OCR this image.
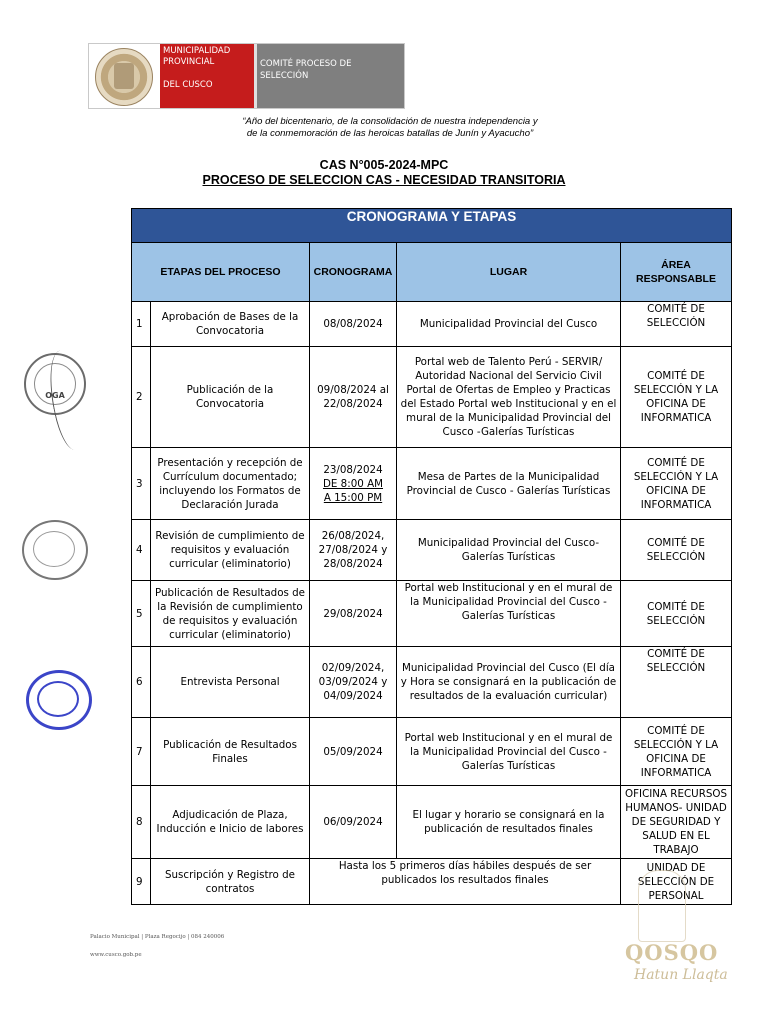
MUNICIPALIDAD
PROVINCIAL
DEL CUSCO
COMITÉ PROCESO DE SELECCIÓN
“Año del bicentenario, de la consolidación de nuestra independencia y
de la conmemoración de las heroicas batallas de Junín y Ayacucho”
CAS N°005-2024-MPC
PROCESO DE SELECCION CAS - NECESIDAD TRANSITORIA
CRONOGRAMA Y ETAPAS				
ETAPAS DEL PROCESO		CRONOGRAMA	LUGAR	ÁREA RESPONSABLE
1	Aprobación de Bases de la Convocatoria	08/08/2024	Municipalidad Provincial del Cusco	COMITÉ DE SELECCIÓN
2	Publicación de la Convocatoria	09/08/2024 al 22/08/2024	Portal web de Talento Perú - SERVIR/ Autoridad Nacional del Servicio Civil Portal de Ofertas de Empleo y Practicas del Estado Portal web Institucional y en el mural de la Municipalidad Provincial del Cusco -Galerías Turísticas	COMITÉ DE SELECCIÓN Y LA OFICINA DE INFORMATICA
3	Presentación y recepción de Currículum documentado; incluyendo los Formatos de Declaración Jurada	23/08/2024
DE 8:00 AM
A 15:00 PM	Mesa de Partes de la Municipalidad Provincial de Cusco - Galerías Turísticas	COMITÉ DE SELECCIÓN Y LA OFICINA DE INFORMATICA
4	Revisión de cumplimiento de requisitos y evaluación curricular (eliminatorio)	26/08/2024, 27/08/2024 y 28/08/2024	Municipalidad Provincial del Cusco- Galerías Turísticas	COMITÉ DE SELECCIÓN
5	Publicación de Resultados de la Revisión de cumplimiento de requisitos y evaluación curricular (eliminatorio)	29/08/2024	Portal web Institucional y en el mural de la Municipalidad Provincial del Cusco -Galerías Turísticas	COMITÉ DE SELECCIÓN
6	Entrevista Personal	02/09/2024, 03/09/2024 y 04/09/2024	Municipalidad Provincial del Cusco (El día y Hora se consignará en la publicación de resultados de la evaluación curricular)	COMITÉ DE SELECCIÓN
7	Publicación de Resultados Finales	05/09/2024	Portal web Institucional y en el mural de la Municipalidad Provincial del Cusco -Galerías Turísticas	COMITÉ DE SELECCIÓN Y LA OFICINA DE INFORMATICA
8	Adjudicación de Plaza, Inducción e Inicio de labores	06/09/2024	El lugar y horario se consignará en la publicación de resultados finales	OFICINA RECURSOS HUMANOS- UNIDAD DE SEGURIDAD Y SALUD EN EL TRABAJO
9	Suscripción y Registro de contratos	Hasta los 5 primeros días hábiles después de ser publicados los resultados finales		UNIDAD DE SELECCIÓN DE PERSONAL
OGA
Palacio Municipal | Plaza Regocijo | 084 240006
www.cusco.gob.pe	QOSQO
Hatun Llaqta
